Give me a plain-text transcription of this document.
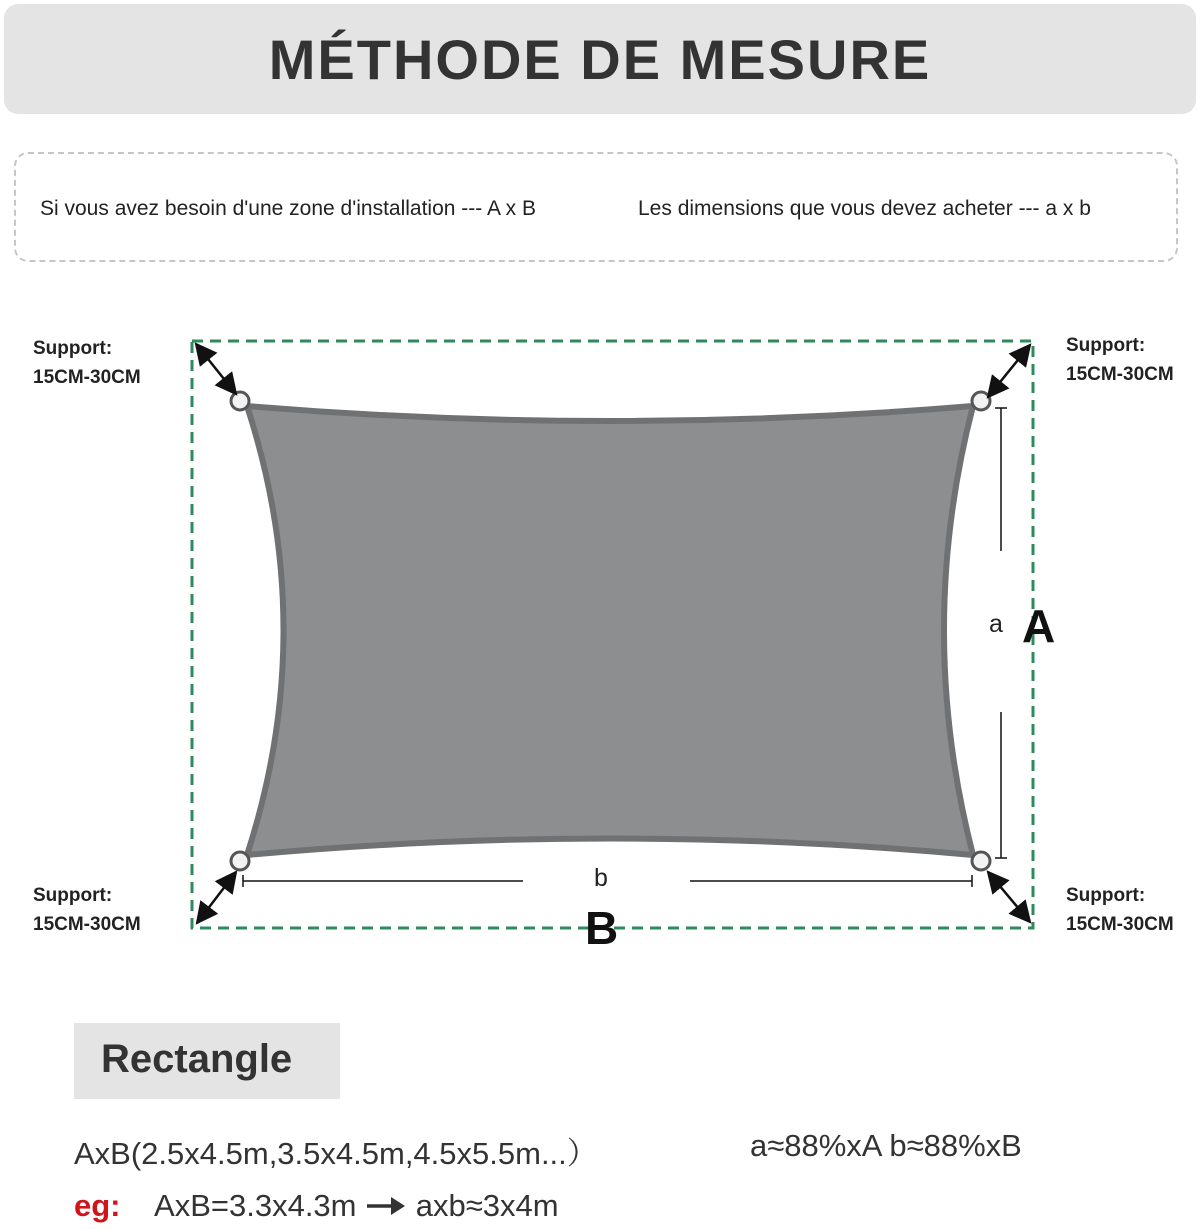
MÉTHODE DE MESURE
Si vous avez besoin d'une zone d'installation --- A x B	Les dimensions que vous devez acheter --- a x b
Support:
15CM-30CM
Support:
15CM-30CM
Support:
15CM-30CM
Support:
15CM-30CM
a A
b
B
Rectangle
AxB(2.5x4.5m,3.5x4.5m,4.5x5.5m...）	a≈88%xA b≈88%xB
eg: AxB=3.3x4.3m axb≈3x4m
